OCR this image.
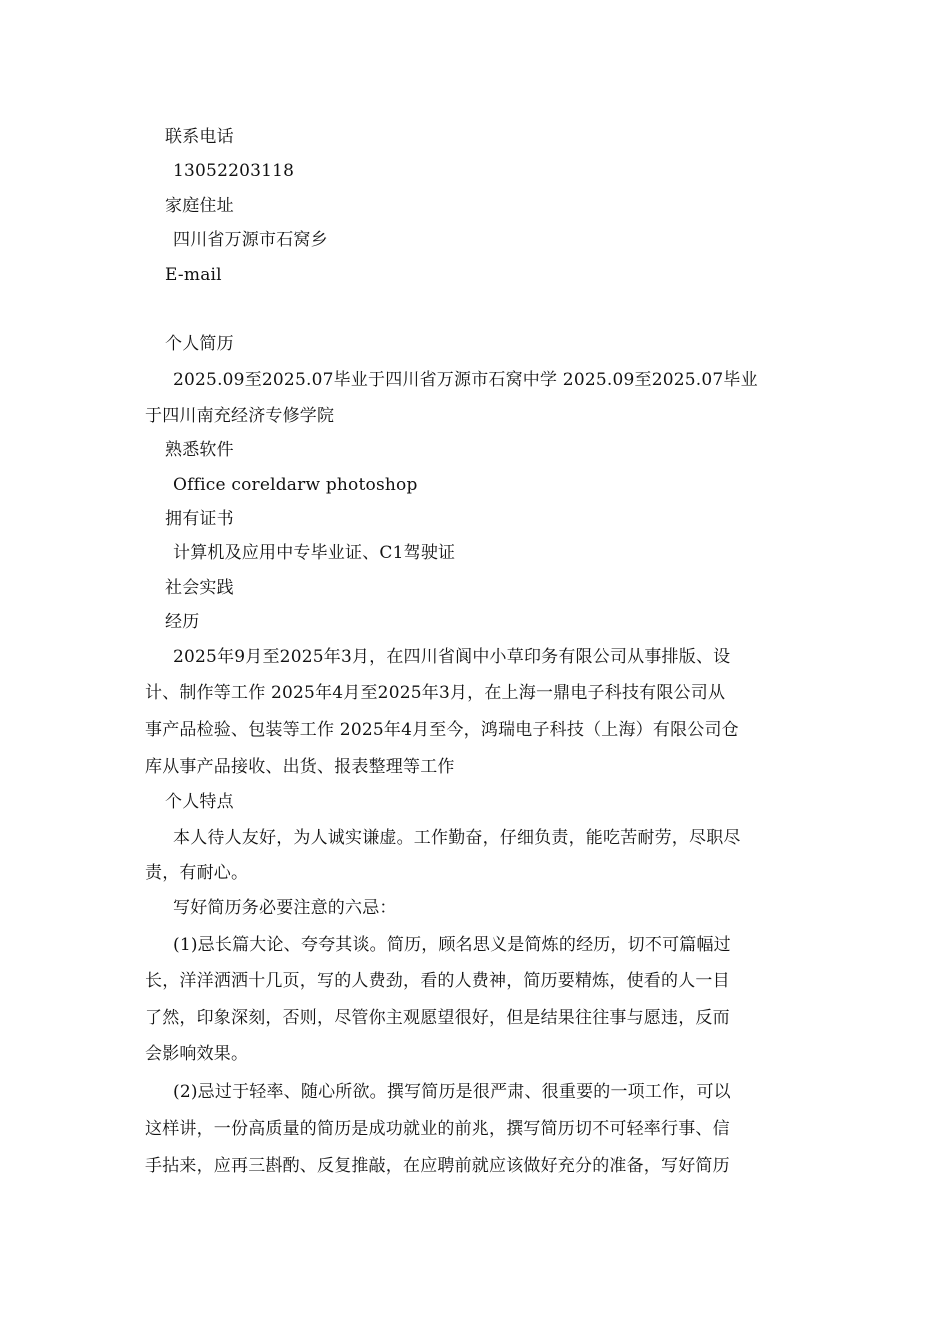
联系电话
13052203118
家庭住址
四川省万源市石窝乡
E-mail
个人简历
2025.09至2025.07毕业于四川省万源市石窝中学 2025.09至2025.07毕业
于四川南充经济专修学院
熟悉软件
Office coreldarw photoshop
拥有证书
计算机及应用中专毕业证、C1驾驶证
社会实践
经历
2025年9月至2025年3月，在四川省阆中小草印务有限公司从事排版、设
计、制作等工作 2025年4月至2025年3月，在上海一鼎电子科技有限公司从
事产品检验、包装等工作 2025年4月至今，鸿瑞电子科技（上海）有限公司仓
库从事产品接收、出货、报表整理等工作
个人特点
本人待人友好，为人诚实谦虚。工作勤奋，仔细负责，能吃苦耐劳，尽职尽
责，有耐心。
写好简历务必要注意的六忌：
(1)忌长篇大论、夸夸其谈。简历，顾名思义是简炼的经历，切不可篇幅过
长，洋洋洒洒十几页，写的人费劲，看的人费神，简历要精炼，使看的人一目
了然，印象深刻，否则，尽管你主观愿望很好，但是结果往往事与愿违，反而
会影响效果。
(2)忌过于轻率、随心所欲。撰写简历是很严肃、很重要的一项工作，可以
这样讲，一份高质量的简历是成功就业的前兆，撰写简历切不可轻率行事、信
手拈来，应再三斟酌、反复推敲，在应聘前就应该做好充分的准备，写好简历
